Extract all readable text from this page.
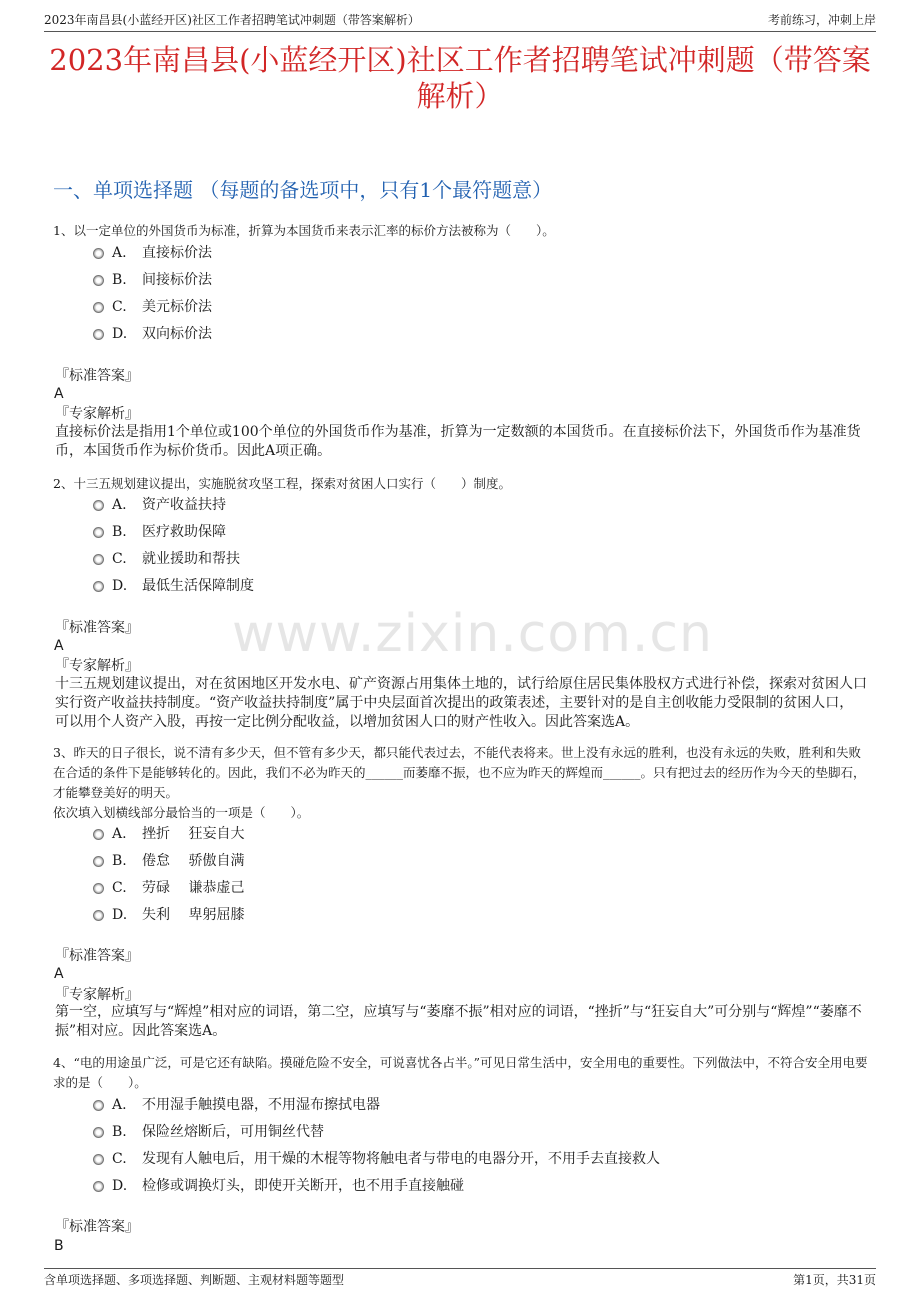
2023年南昌县(小蓝经开区)社区工作者招聘笔试冲刺题（带答案解析）	考前练习，冲刺上岸
2023年南昌县(小蓝经开区)社区工作者招聘笔试冲刺题（带答案解析）
一、单项选择题 （每题的备选项中，只有1个最符题意）
www.zixin.com.cn

1、以一定单位的外国货币为标准，折算为本国货币来表示汇率的标价方法被称为（　　）。

A.	直接标价法
B.	间接标价法
C.	美元标价法
D.	双向标价法
『标准答案』
A
『专家解析』

直接标价法是指用1个单位或100个单位的外国货币作为基准，折算为一定数额的本国货币。在直接标价法下，外国货币作为基准货币，本国货币作为标价货币。因此A项正确。

2、十三五规划建议提出，实施脱贫攻坚工程，探索对贫困人口实行（　　）制度。

A.	资产收益扶持
B.	医疗救助保障
C.	就业援助和帮扶
D.	最低生活保障制度
『标准答案』
A
『专家解析』

十三五规划建议提出，对在贫困地区开发水电、矿产资源占用集体土地的，试行给原住居民集体股权方式进行补偿，探索对贫困人口实行资产收益扶持制度。“资产收益扶持制度”属于中央层面首次提出的政策表述，主要针对的是自主创收能力受限制的贫困人口，可以用个人资产入股，再按一定比例分配收益，以增加贫困人口的财产性收入。因此答案选A。

3、昨天的日子很长，说不清有多少天，但不管有多少天，都只能代表过去，不能代表将来。世上没有永远的胜利，也没有永远的失败，胜利和失败在合适的条件下是能够转化的。因此，我们不必为昨天的______而萎靡不振，也不应为昨天的辉煌而______。只有把过去的经历作为今天的垫脚石，才能攀登美好的明天。

依次填入划横线部分最恰当的一项是（　　）。

A.	挫折　 狂妄自大
B.	倦怠　 骄傲自满
C.	劳碌　 谦恭虚己
D.	失利　 卑躬屈膝
『标准答案』
A
『专家解析』

第一空，应填写与“辉煌”相对应的词语，第二空，应填写与“萎靡不振”相对应的词语，“挫折”与“狂妄自大”可分别与“辉煌”“萎靡不振”相对应。因此答案选A。

4、“电的用途虽广泛，可是它还有缺陷。摸碰危险不安全，可说喜忧各占半。”可见日常生活中，安全用电的重要性。下列做法中，不符合安全用电要求的是（　　）。

A.	不用湿手触摸电器，不用湿布擦拭电器
B.	保险丝熔断后，可用铜丝代替
C.	发现有人触电后，用干燥的木棍等物将触电者与带电的电器分开，不用手去直接救人
D.	检修或调换灯头，即使开关断开，也不用手直接触碰
『标准答案』
B
含单项选择题、多项选择题、判断题、主观材料题等题型	第1页，共31页
